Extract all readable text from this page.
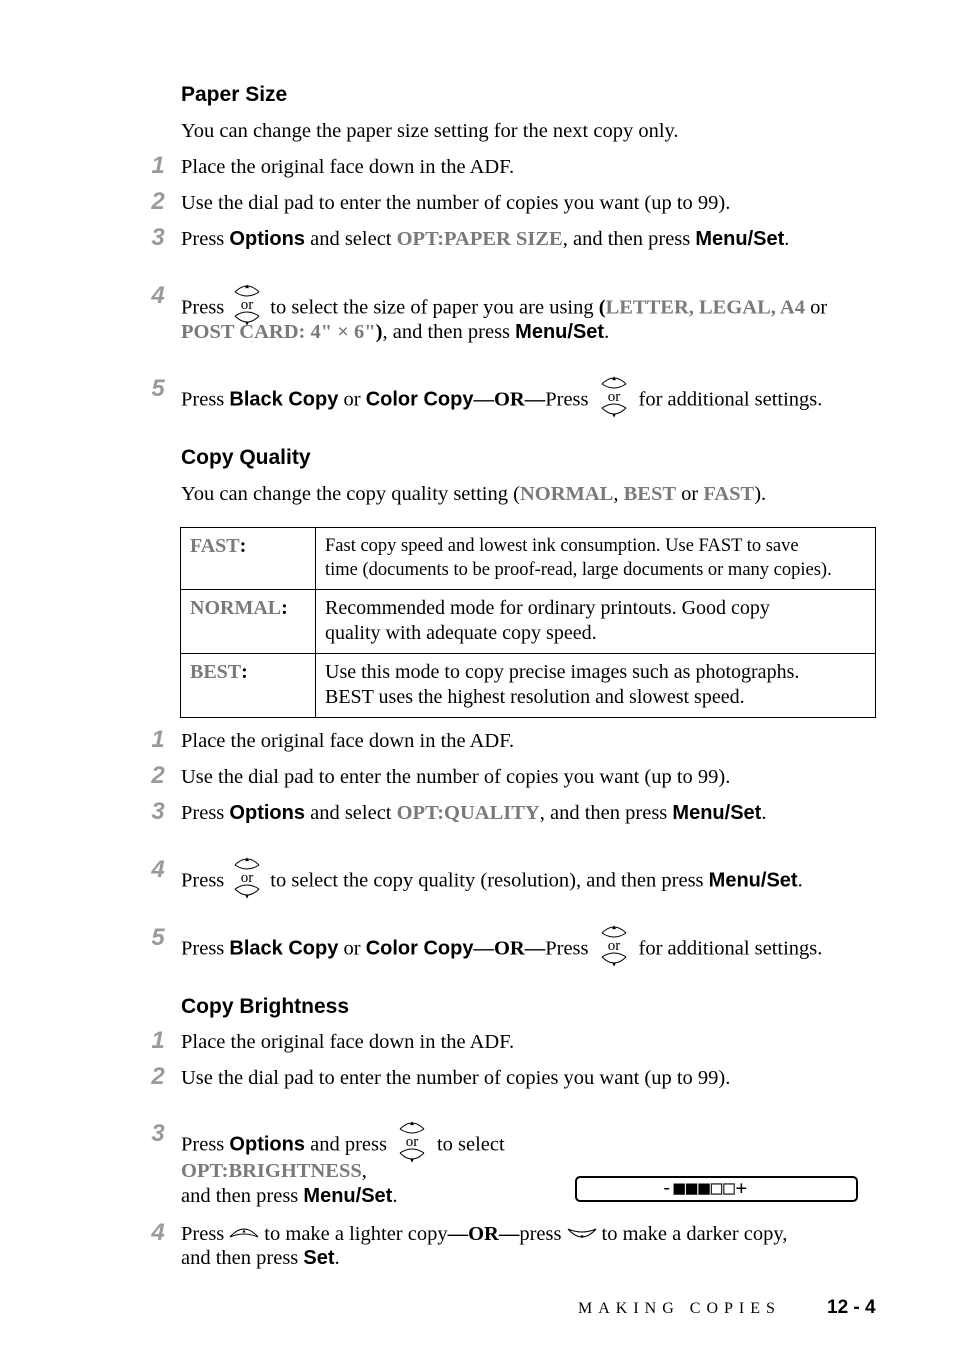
Paper Size
You can change the paper size setting for the next copy only.
1 Place the original face down in the ADF.
2 Use the dial pad to enter the number of copies you want (up to 99).
3 Press Options and select OPT:PAPER SIZE, and then press Menu/Set.
4 Press or to select the size of paper you are using (LETTER, LEGAL, A4 or
POST CARD: 4" × 6"), and then press Menu/Set.
5 Press Black Copy or Color Copy—OR—Press or for additional settings.
Copy Quality
You can change the copy quality setting (NORMAL, BEST or FAST).
FAST:	Fast copy speed and lowest ink consumption. Use FAST to save
time (documents to be proof-read, large documents or many copies).
NORMAL:	Recommended mode for ordinary printouts. Good copy
quality with adequate copy speed.
BEST:	Use this mode to copy precise images such as photographs.
BEST uses the highest resolution and slowest speed.
1 Place the original face down in the ADF.
2 Use the dial pad to enter the number of copies you want (up to 99).
3 Press Options and select OPT:QUALITY, and then press Menu/Set.
4 Press or to select the copy quality (resolution), and then press Menu/Set.
5 Press Black Copy or Color Copy—OR—Press or for additional settings.
Copy Brightness
1 Place the original face down in the ADF.
2 Use the dial pad to enter the number of copies you want (up to 99).
3 Press Options and press or to select
OPT:BRIGHTNESS,
and then press Menu/Set.	-■■■□□+
4 Press	▲ to make a lighter copy—OR—press	▼ to make a darker copy,
and then press Set.
MAKING COPIES 12 - 4
